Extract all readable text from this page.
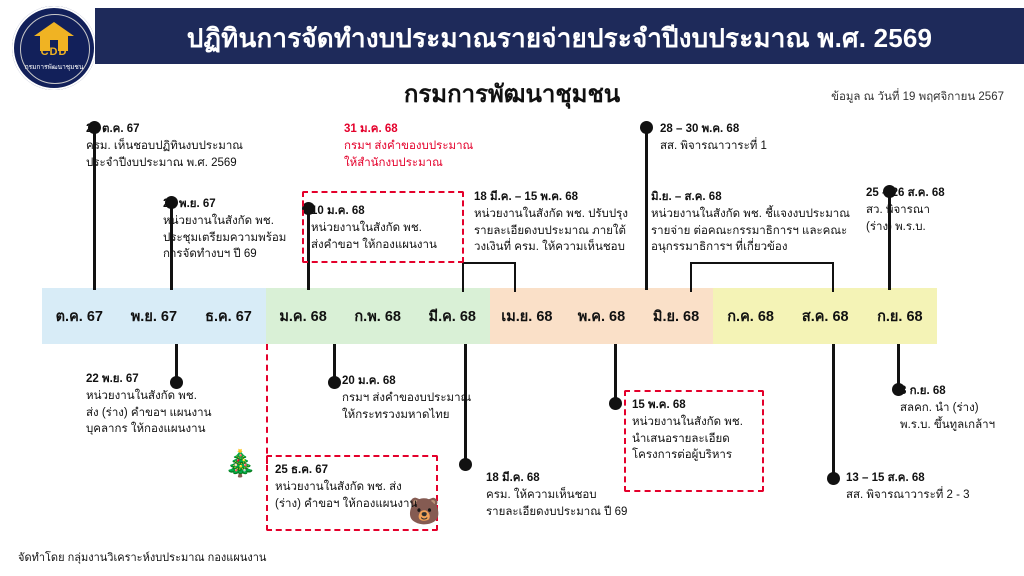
CDD
กรมการพัฒนาชุมชน
ปฏิทินการจัดทำงบประมาณรายจ่ายประจำปีงบประมาณ พ.ศ. 2569
กรมการพัฒนาชุมชน	ข้อมูล ณ วันที่ 19 พฤศจิกายน 2567
ต.ค. 67	พ.ย. 67	ธ.ค. 67	ม.ค. 68	ก.พ. 68	มี.ค. 68	เม.ย. 68	พ.ค. 68	มิ.ย. 68	ก.ค. 68	ส.ค. 68	ก.ย. 68
🎄
🐻
22 ต.ค. 67
ครม. เห็นชอบปฏิทินงบประมาณ
ประจำปีงบประมาณ พ.ศ. 2569
21 พ.ย. 67
หน่วยงานในสังกัด พช.
ประชุมเตรียมความพร้อม
การจัดทำงบฯ ปี 69
10 ม.ค. 68
หน่วยงานในสังกัด พช.
ส่งคำขอฯ ให้กองแผนงาน
31 ม.ค. 68
กรมฯ ส่งคำของบประมาณ
ให้สำนักงบประมาณ
18 มี.ค. – 15 พ.ค. 68
หน่วยงานในสังกัด พช. ปรับปรุง
รายละเอียดงบประมาณ ภายใต้
วงเงินที่ ครม. ให้ความเห็นชอบ
28 – 30 พ.ค. 68
สส. พิจารณาวาระที่ 1
มิ.ย. – ส.ค. 68
หน่วยงานในสังกัด พช. ชี้แจงงบประมาณ
รายจ่าย ต่อคณะกรรมาธิการฯ และคณะ
อนุกรรมาธิการฯ ที่เกี่ยวข้อง
25 – 26 ส.ค. 68
สว. พิจารณา
(ร่าง) พ.ร.บ.
22 พ.ย. 67
หน่วยงานในสังกัด พช.
ส่ง (ร่าง) คำขอฯ แผนงาน
บุคลากร ให้กองแผนงาน
25 ธ.ค. 67
หน่วยงานในสังกัด พช. ส่ง
(ร่าง) คำขอฯ ให้กองแผนงาน
20 ม.ค. 68
กรมฯ ส่งคำของบประมาณ
ให้กระทรวงมหาดไทย
18 มี.ค. 68
ครม. ให้ความเห็นชอบ
รายละเอียดงบประมาณ ปี 69
15 พ.ค. 68
หน่วยงานในสังกัด พช.
นำเสนอรายละเอียด
โครงการต่อผู้บริหาร
13 – 15 ส.ค. 68
สส. พิจารณาวาระที่ 2 - 3
8 ก.ย. 68
สลคก. นำ (ร่าง)
พ.ร.บ. ขึ้นทูลเกล้าฯ
จัดทำโดย กลุ่มงานวิเคราะห์งบประมาณ กองแผนงาน
